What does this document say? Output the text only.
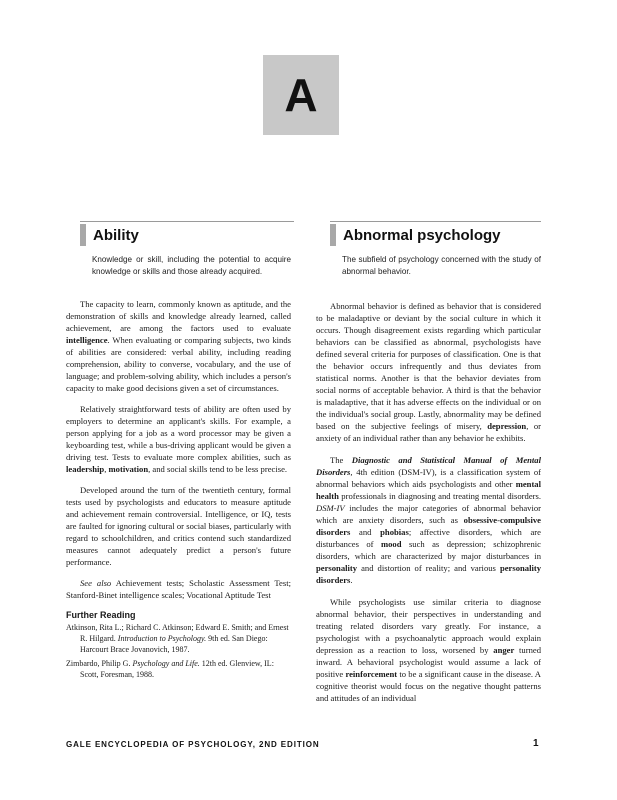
A
Ability
Knowledge or skill, including the potential to acquire knowledge or skills and those already acquired.

The capacity to learn, commonly known as aptitude, and the demonstration of skills and knowledge already learned, called achievement, are among the factors used to evaluate intelligence. When evaluating or comparing subjects, two kinds of abilities are considered: verbal ability, including reading comprehension, ability to converse, vocabulary, and the use of language; and problem-solving ability, which includes a person's capacity to make good decisions given a set of circumstances.

Relatively straightforward tests of ability are often used by employers to determine an applicant's skills. For example, a person applying for a job as a word processor may be given a keyboarding test, while a bus-driving applicant would be given a driving test. Tests to evaluate more complex abilities, such as leadership, motivation, and social skills tend to be less precise.

Developed around the turn of the twentieth century, formal tests used by psychologists and educators to measure aptitude and achievement remain controversial. Intelligence, or IQ, tests are faulted for ignoring cultural or social biases, particularly with regard to schoolchildren, and critics contend such standardized measures cannot adequately predict a person's future performance.

See also Achievement tests; Scholastic Assessment Test; Stanford-Binet intelligence scales; Vocational Aptitude Test

Further Reading
Atkinson, Rita L.; Richard C. Atkinson; Edward E. Smith; and Ernest R. Hilgard. Introduction to Psychology. 9th ed. San Diego: Harcourt Brace Jovanovich, 1987.
Zimbardo, Philip G. Psychology and Life. 12th ed. Glenview, IL: Scott, Foresman, 1988.
Abnormal psychology
The subfield of psychology concerned with the study of abnormal behavior.

Abnormal behavior is defined as behavior that is considered to be maladaptive or deviant by the social culture in which it occurs. Though disagreement exists regarding which particular behaviors can be classified as abnormal, psychologists have defined several criteria for purposes of classification. One is that the behavior occurs infrequently and thus deviates from statistical norms. Another is that the behavior deviates from social norms of acceptable behavior. A third is that the behavior is maladaptive, that it has adverse effects on the individual or on the individual's social group. Lastly, abnormality may be defined based on the subjective feelings of misery, depression, or anxiety of an individual rather than any behavior he exhibits.

The Diagnostic and Statistical Manual of Mental Disorders, 4th edition (DSM-IV), is a classification system of abnormal behaviors which aids psychologists and other mental health professionals in diagnosing and treating mental disorders. DSM-IV includes the major categories of abnormal behavior which are anxiety disorders, such as obsessive-compulsive disorders and phobias; affective disorders, which are disturbances of mood such as depression; schizophrenic disorders, which are characterized by major disturbances in personality and distortion of reality; and various personality disorders.

While psychologists use similar criteria to diagnose abnormal behavior, their perspectives in understanding and treating related disorders vary greatly. For instance, a psychologist with a psychoanalytic approach would explain depression as a reaction to loss, worsened by anger turned inward. A behavioral psychologist would assume a lack of positive reinforcement to be a significant cause in the disease. A cognitive theorist would focus on the negative thought patterns and attitudes of an individual

GALE ENCYCLOPEDIA OF PSYCHOLOGY, 2ND EDITION	1
